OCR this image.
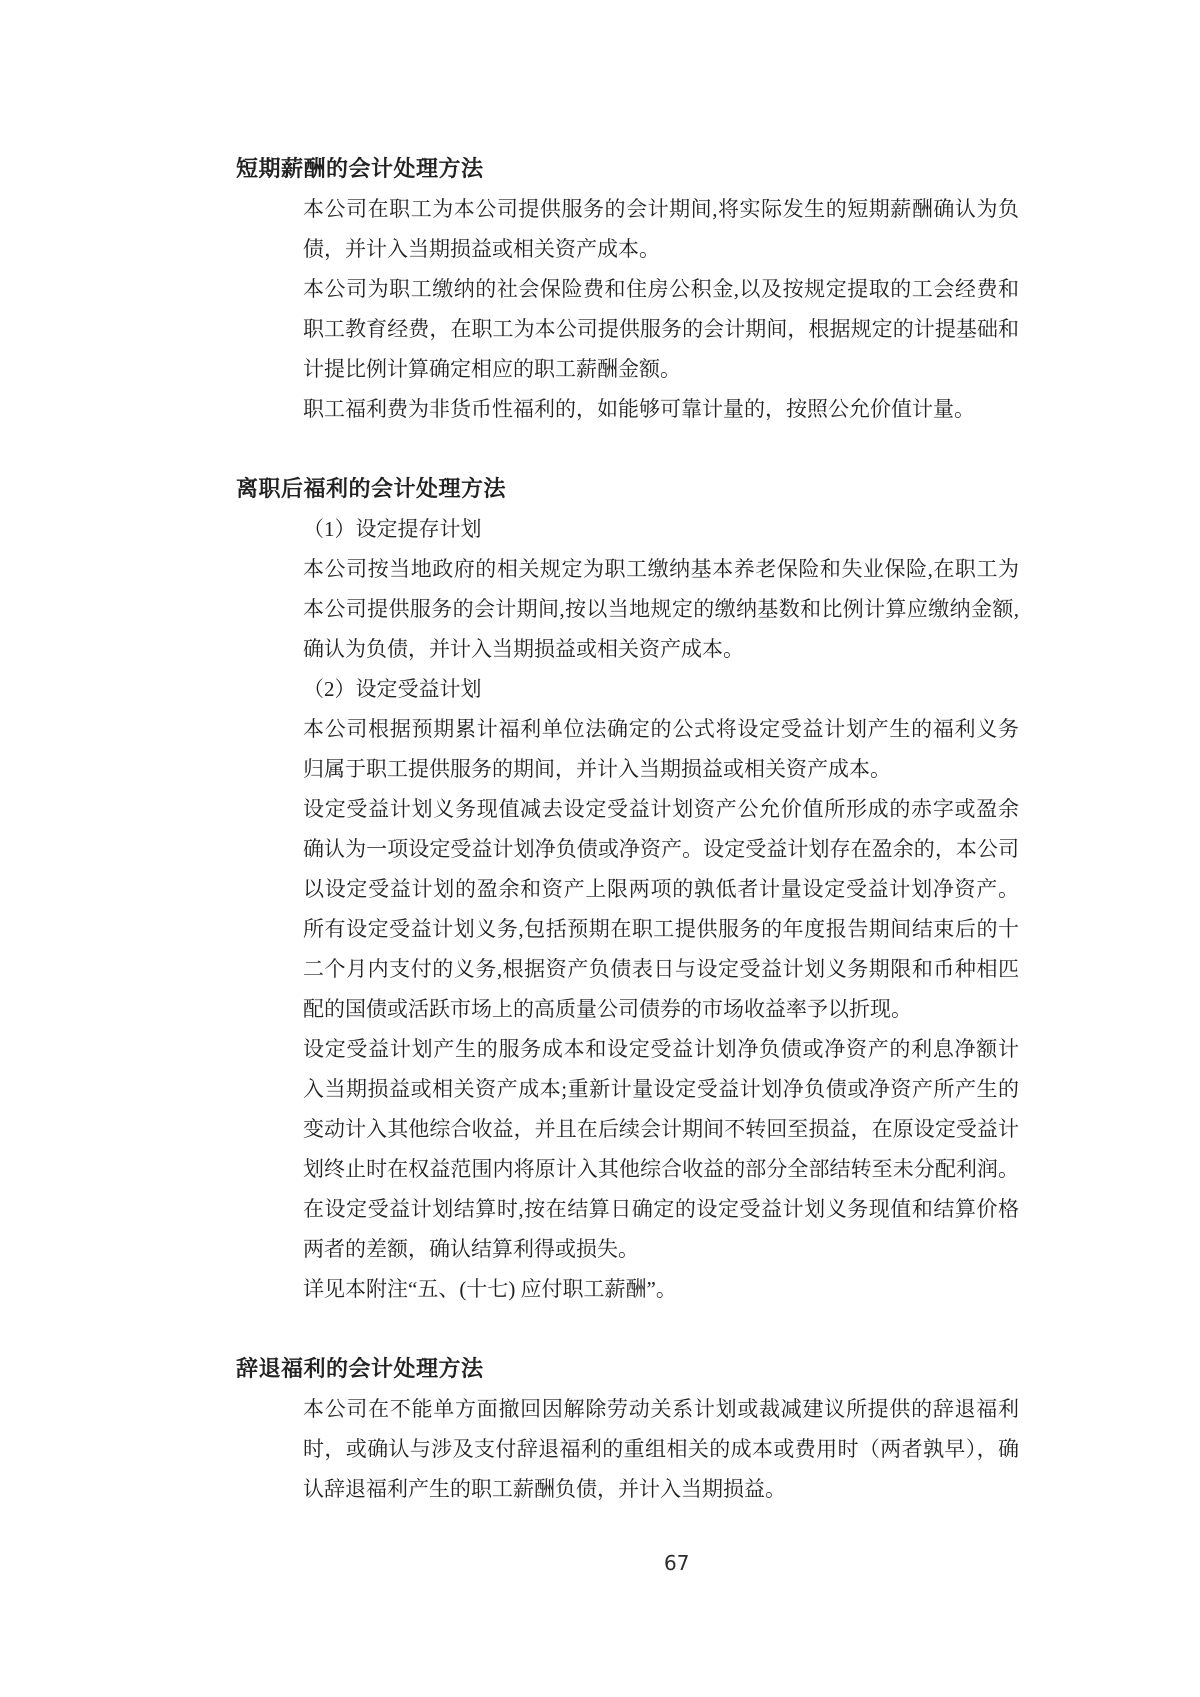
短期薪酬的会计处理方法
本公司在职工为本公司提供服务的会计期间,将实际发生的短期薪酬确认为负
债，并计入当期损益或相关资产成本。
本公司为职工缴纳的社会保险费和住房公积金,以及按规定提取的工会经费和
职工教育经费，在职工为本公司提供服务的会计期间，根据规定的计提基础和
计提比例计算确定相应的职工薪酬金额。
职工福利费为非货币性福利的，如能够可靠计量的，按照公允价值计量。
离职后福利的会计处理方法
（1）设定提存计划
本公司按当地政府的相关规定为职工缴纳基本养老保险和失业保险,在职工为
本公司提供服务的会计期间,按以当地规定的缴纳基数和比例计算应缴纳金额,
确认为负债，并计入当期损益或相关资产成本。
（2）设定受益计划
本公司根据预期累计福利单位法确定的公式将设定受益计划产生的福利义务
归属于职工提供服务的期间，并计入当期损益或相关资产成本。
设定受益计划义务现值减去设定受益计划资产公允价值所形成的赤字或盈余
确认为一项设定受益计划净负债或净资产。设定受益计划存在盈余的，本公司
以设定受益计划的盈余和资产上限两项的孰低者计量设定受益计划净资产。
所有设定受益计划义务,包括预期在职工提供服务的年度报告期间结束后的十
二个月内支付的义务,根据资产负债表日与设定受益计划义务期限和币种相匹
配的国债或活跃市场上的高质量公司债券的市场收益率予以折现。
设定受益计划产生的服务成本和设定受益计划净负债或净资产的利息净额计
入当期损益或相关资产成本;重新计量设定受益计划净负债或净资产所产生的
变动计入其他综合收益，并且在后续会计期间不转回至损益，在原设定受益计
划终止时在权益范围内将原计入其他综合收益的部分全部结转至未分配利润。
在设定受益计划结算时,按在结算日确定的设定受益计划义务现值和结算价格
两者的差额，确认结算利得或损失。
详见本附注“五、(十七) 应付职工薪酬”。
辞退福利的会计处理方法
本公司在不能单方面撤回因解除劳动关系计划或裁减建议所提供的辞退福利
时，或确认与涉及支付辞退福利的重组相关的成本或费用时（两者孰早），确
认辞退福利产生的职工薪酬负债，并计入当期损益。
67
